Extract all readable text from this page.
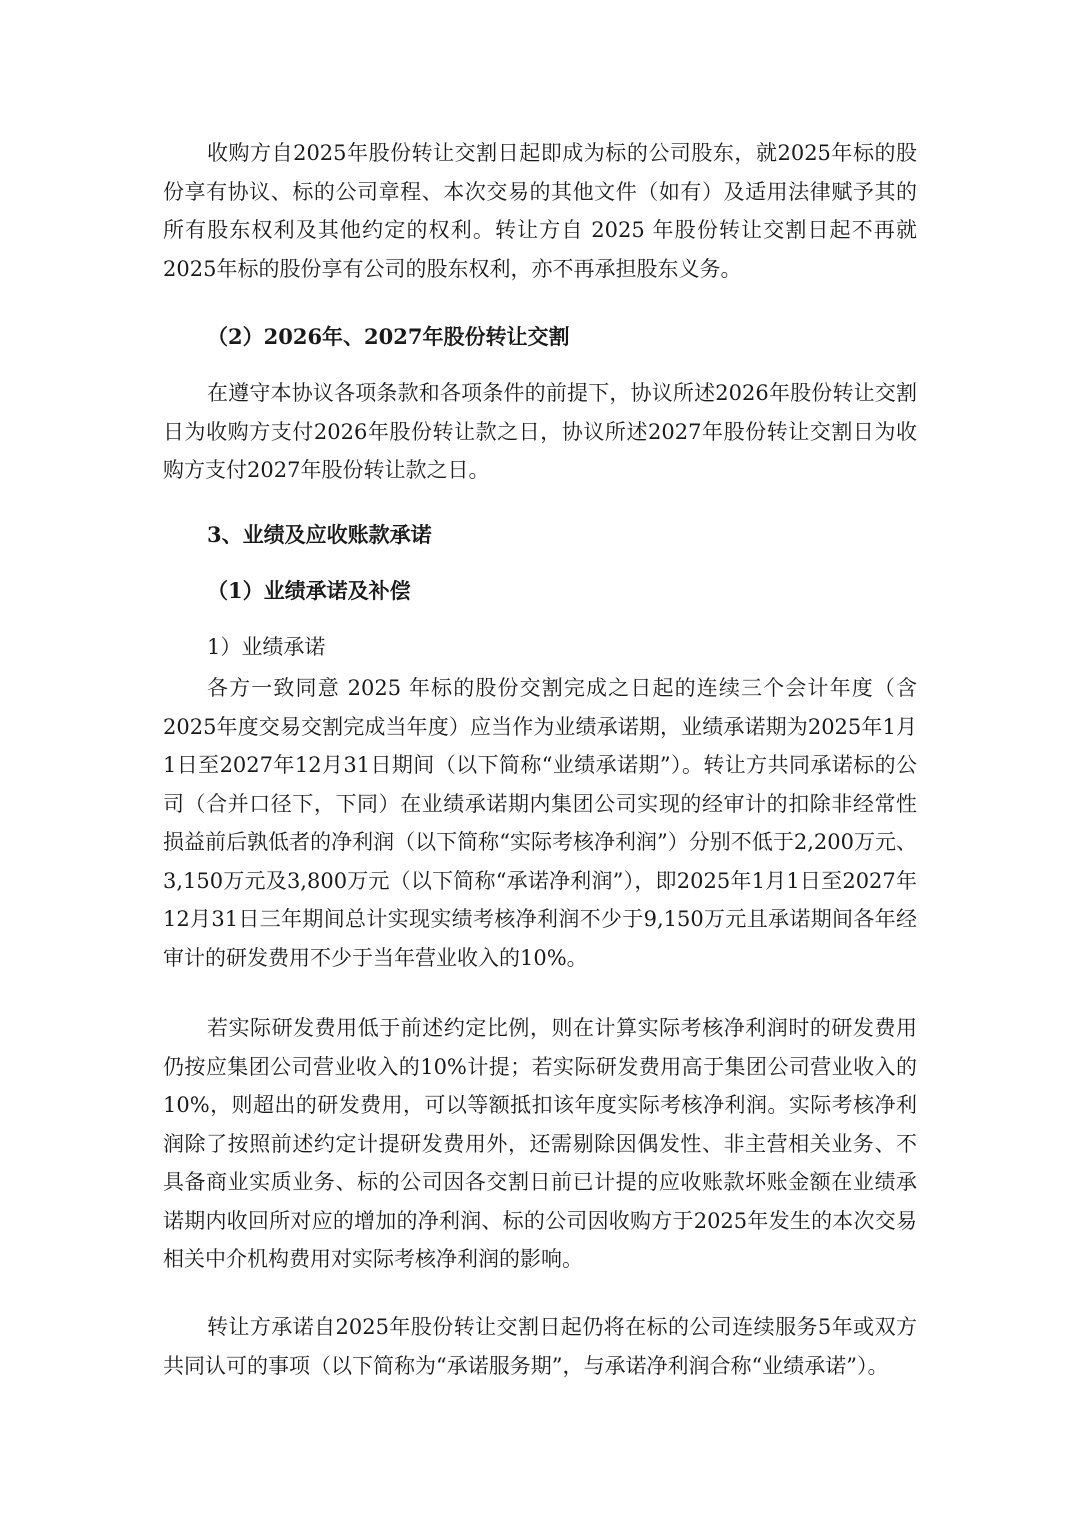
收购方自2025年股份转让交割日起即成为标的公司股东，就2025年标的股份享有协议、标的公司章程、本次交易的其他文件（如有）及适用法律赋予其的所有股东权利及其他约定的权利。转让方自 2025 年股份转让交割日起不再就2025年标的股份享有公司的股东权利，亦不再承担股东义务。

（2）2026年、2027年股份转让交割

在遵守本协议各项条款和各项条件的前提下，协议所述2026年股份转让交割日为收购方支付2026年股份转让款之日，协议所述2027年股份转让交割日为收购方支付2027年股份转让款之日。

3、业绩及应收账款承诺

（1）业绩承诺及补偿

1）业绩承诺

各方一致同意 2025 年标的股份交割完成之日起的连续三个会计年度（含2025年度交易交割完成当年度）应当作为业绩承诺期，业绩承诺期为2025年1月1日至2027年12月31日期间（以下简称“业绩承诺期”）。转让方共同承诺标的公司（合并口径下，下同）在业绩承诺期内集团公司实现的经审计的扣除非经常性损益前后孰低者的净利润（以下简称“实际考核净利润”）分别不低于2,200万元、3,150万元及3,800万元（以下简称“承诺净利润”），即2025年1月1日至2027年12月31日三年期间总计实现实绩考核净利润不少于9,150万元且承诺期间各年经审计的研发费用不少于当年营业收入的10%。

若实际研发费用低于前述约定比例，则在计算实际考核净利润时的研发费用仍按应集团公司营业收入的10%计提；若实际研发费用高于集团公司营业收入的10%，则超出的研发费用，可以等额抵扣该年度实际考核净利润。实际考核净利润除了按照前述约定计提研发费用外，还需剔除因偶发性、非主营相关业务、不具备商业实质业务、标的公司因各交割日前已计提的应收账款坏账金额在业绩承诺期内收回所对应的增加的净利润、标的公司因收购方于2025年发生的本次交易相关中介机构费用对实际考核净利润的影响。

转让方承诺自2025年股份转让交割日起仍将在标的公司连续服务5年或双方共同认可的事项（以下简称为“承诺服务期”，与承诺净利润合称“业绩承诺”）。
